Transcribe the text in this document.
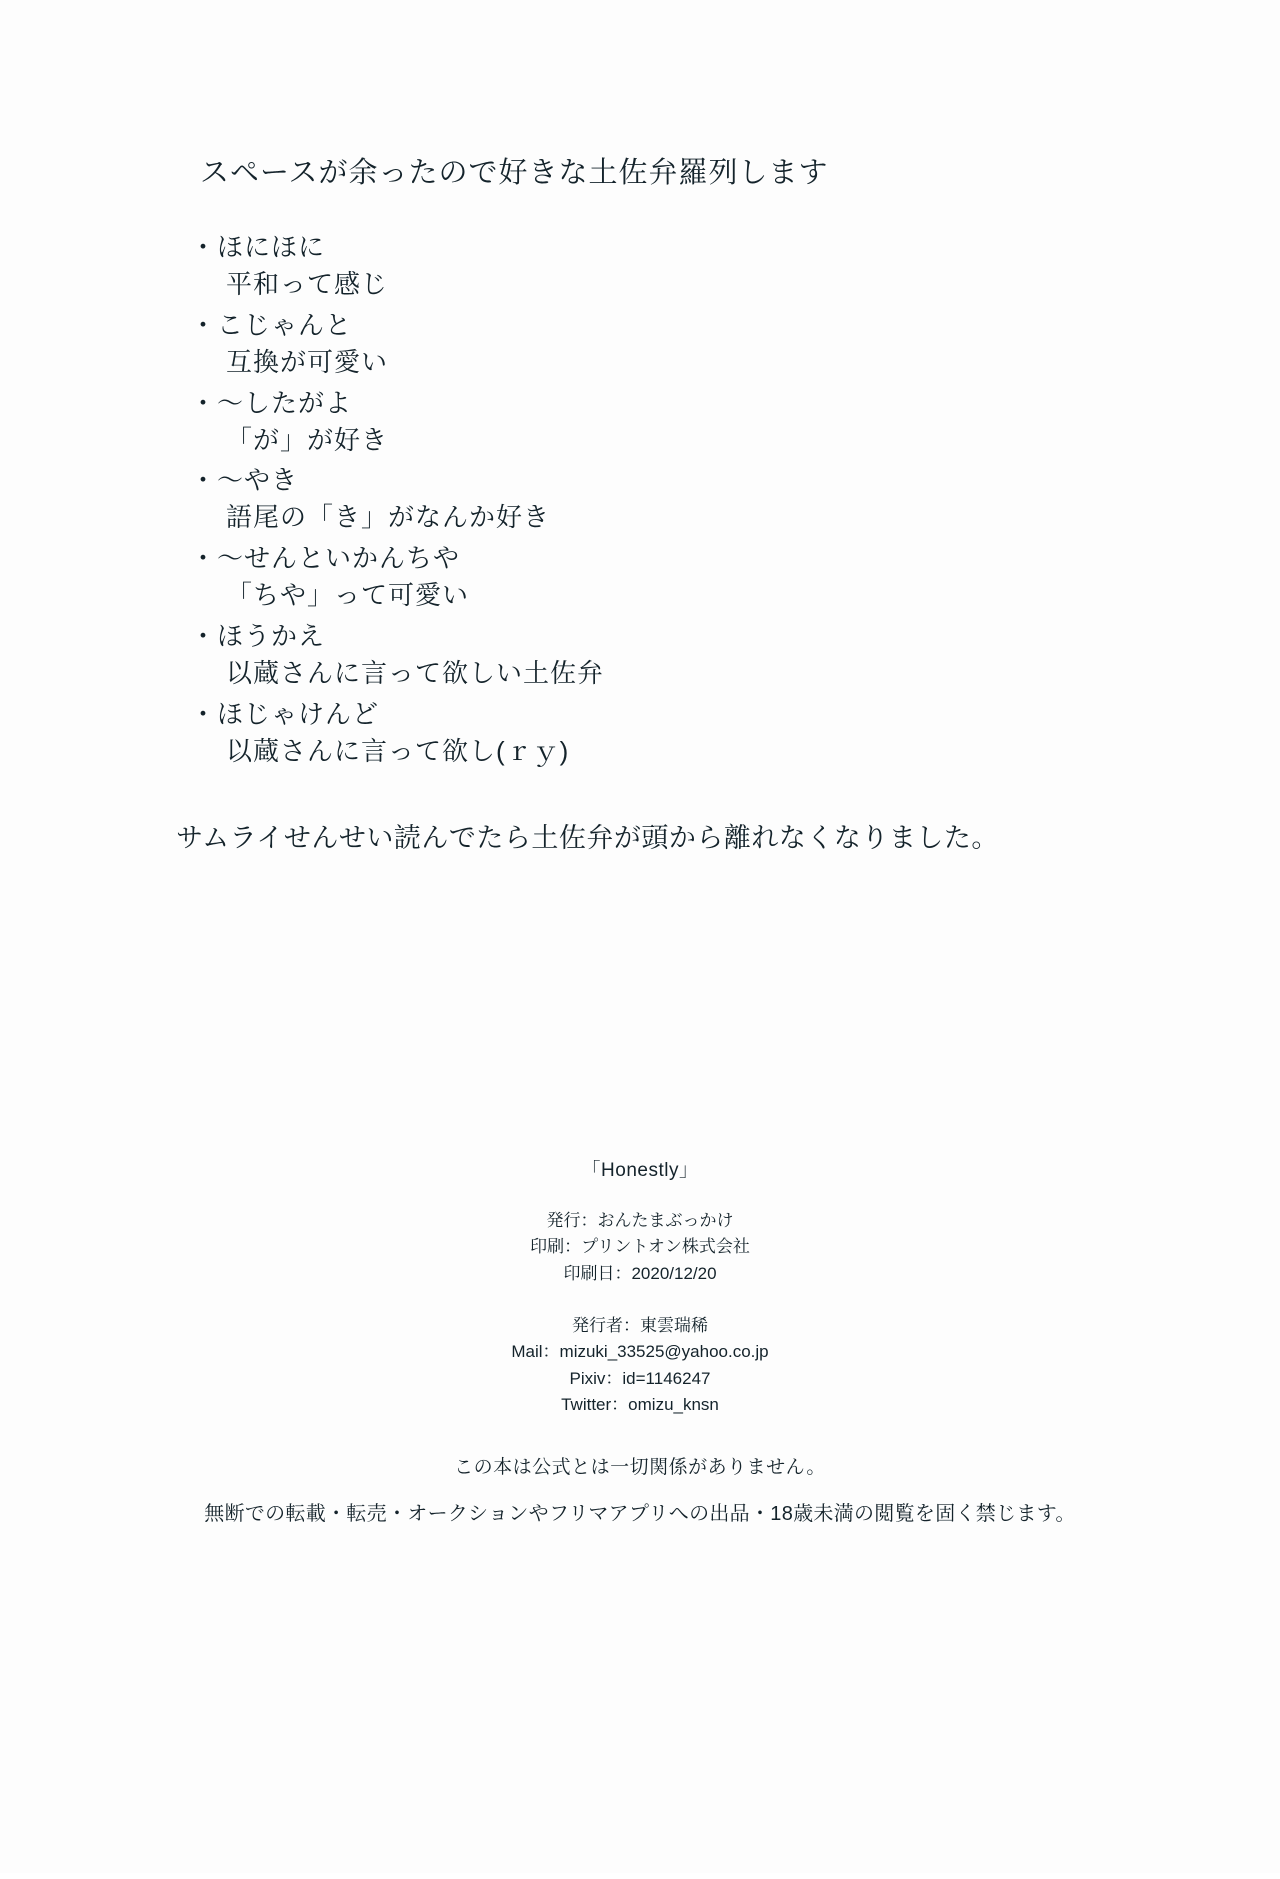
スペースが余ったので好きな土佐弁羅列します

・ほにほに

平和って感じ

・こじゃんと

互換が可愛い

・〜したがよ

「が」が好き

・〜やき

語尾の「き」がなんか好き

・〜せんといかんちや

「ちや」って可愛い

・ほうかえ

以蔵さんに言って欲しい土佐弁

・ほじゃけんど

以蔵さんに言って欲し(ｒｙ)

サムライせんせい読んでたら土佐弁が頭から離れなくなりました。

「Honestly」
発行：おんたまぶっかけ
印刷：プリントオン株式会社
印刷日：2020/12/20
発行者：東雲瑞稀
Mail：mizuki_33525@yahoo.co.jp
Pixiv：id=1146247
Twitter：omizu_knsn
この本は公式とは一切関係がありません。
無断での転載・転売・オークションやフリマアプリへの出品・18歳未満の閲覧を固く禁じます。
